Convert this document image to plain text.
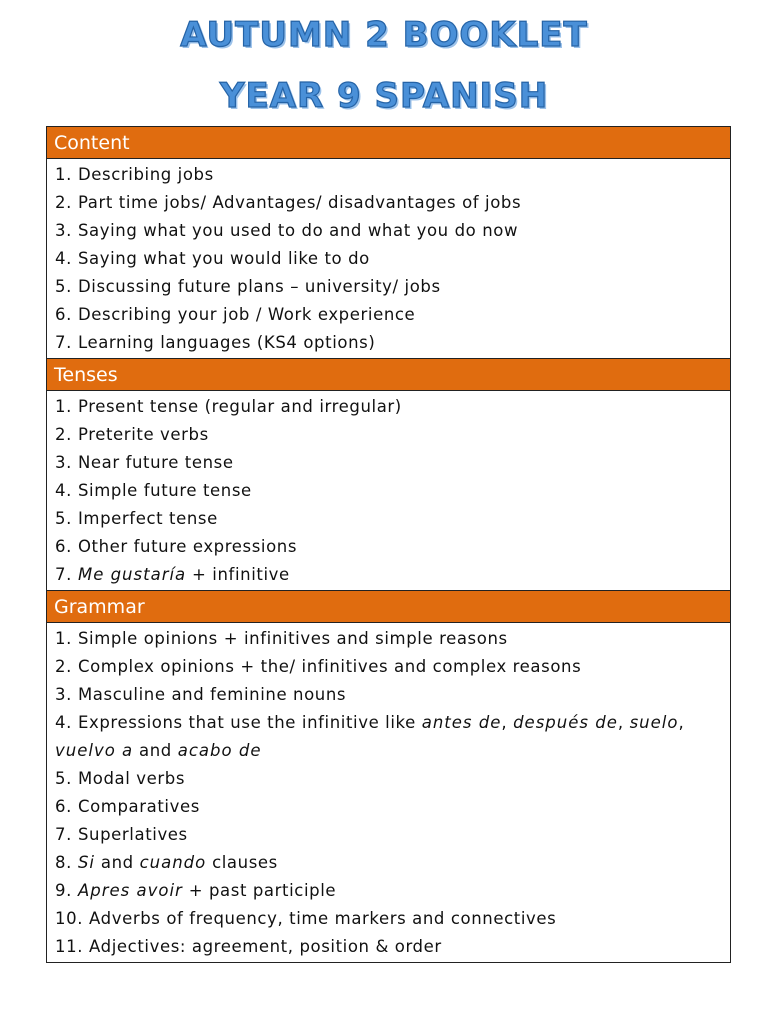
AUTUMN 2 BOOKLET
YEAR 9 SPANISH
Content
1. Describing jobs
2. Part time jobs/ Advantages/ disadvantages of jobs
3. Saying what you used to do and what you do now
4. Saying what you would like to do
5. Discussing future plans – university/ jobs
6. Describing your job / Work experience
7. Learning languages (KS4 options)
Tenses
1. Present tense (regular and irregular)
2. Preterite verbs
3. Near future tense
4. Simple future tense
5. Imperfect tense
6. Other future expressions
7. Me gustaría + infinitive
Grammar
1. Simple opinions + infinitives and simple reasons
2. Complex opinions + the/ infinitives and complex reasons
3. Masculine and feminine nouns
4. Expressions that use the infinitive like antes de, después de, suelo, vuelvo a and acabo de
5. Modal verbs
6. Comparatives
7. Superlatives
8. Si and cuando clauses
9. Apres avoir + past participle
10. Adverbs of frequency, time markers and connectives
11. Adjectives: agreement, position & order
